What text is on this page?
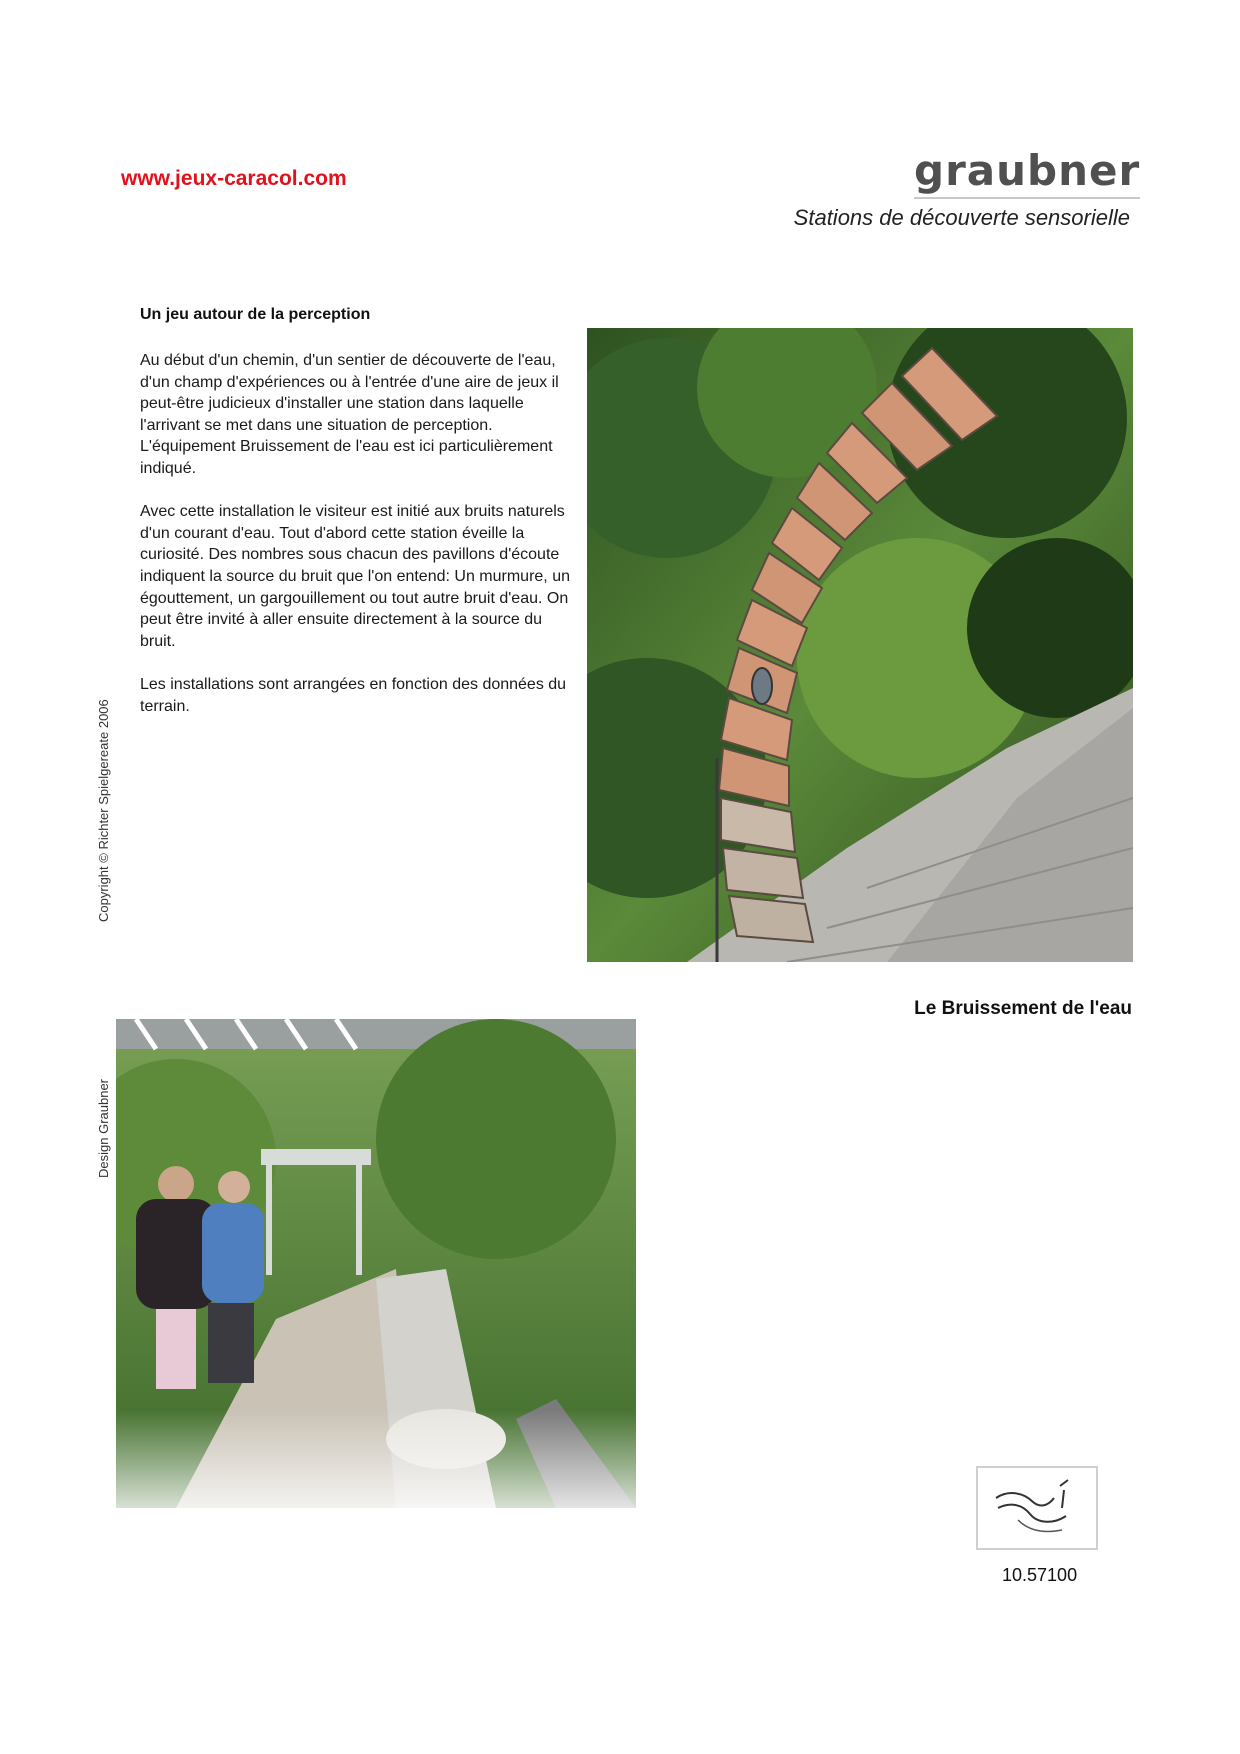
www.jeux-caracol.com	graubner
Stations de découverte sensorielle
Un jeu autour de la perception

Au début d'un chemin, d'un sentier de découverte de l'eau, d'un champ d'expériences ou à l'entrée d'une aire de jeux il peut-être judicieux d'installer une station dans laquelle l'arrivant se met dans une situation de perception. L'équipement Bruissement de l'eau est ici particulièrement indiqué.

Avec cette installation le visiteur est initié aux bruits naturels d'un courant d'eau. Tout d'abord cette station éveille la curiosité. Des nombres sous chacun des pavillons d'écoute indiquent la source du bruit que l'on entend: Un murmure, un égouttement, un gargouillement ou tout autre bruit d'eau. On peut être invité à aller ensuite directement à la source du bruit.

Les installations sont arrangées en fonction des données du terrain.

Copyright © Richter Spielgereate 2006
Design Graubner
Le Bruissement de l'eau
10.57100
